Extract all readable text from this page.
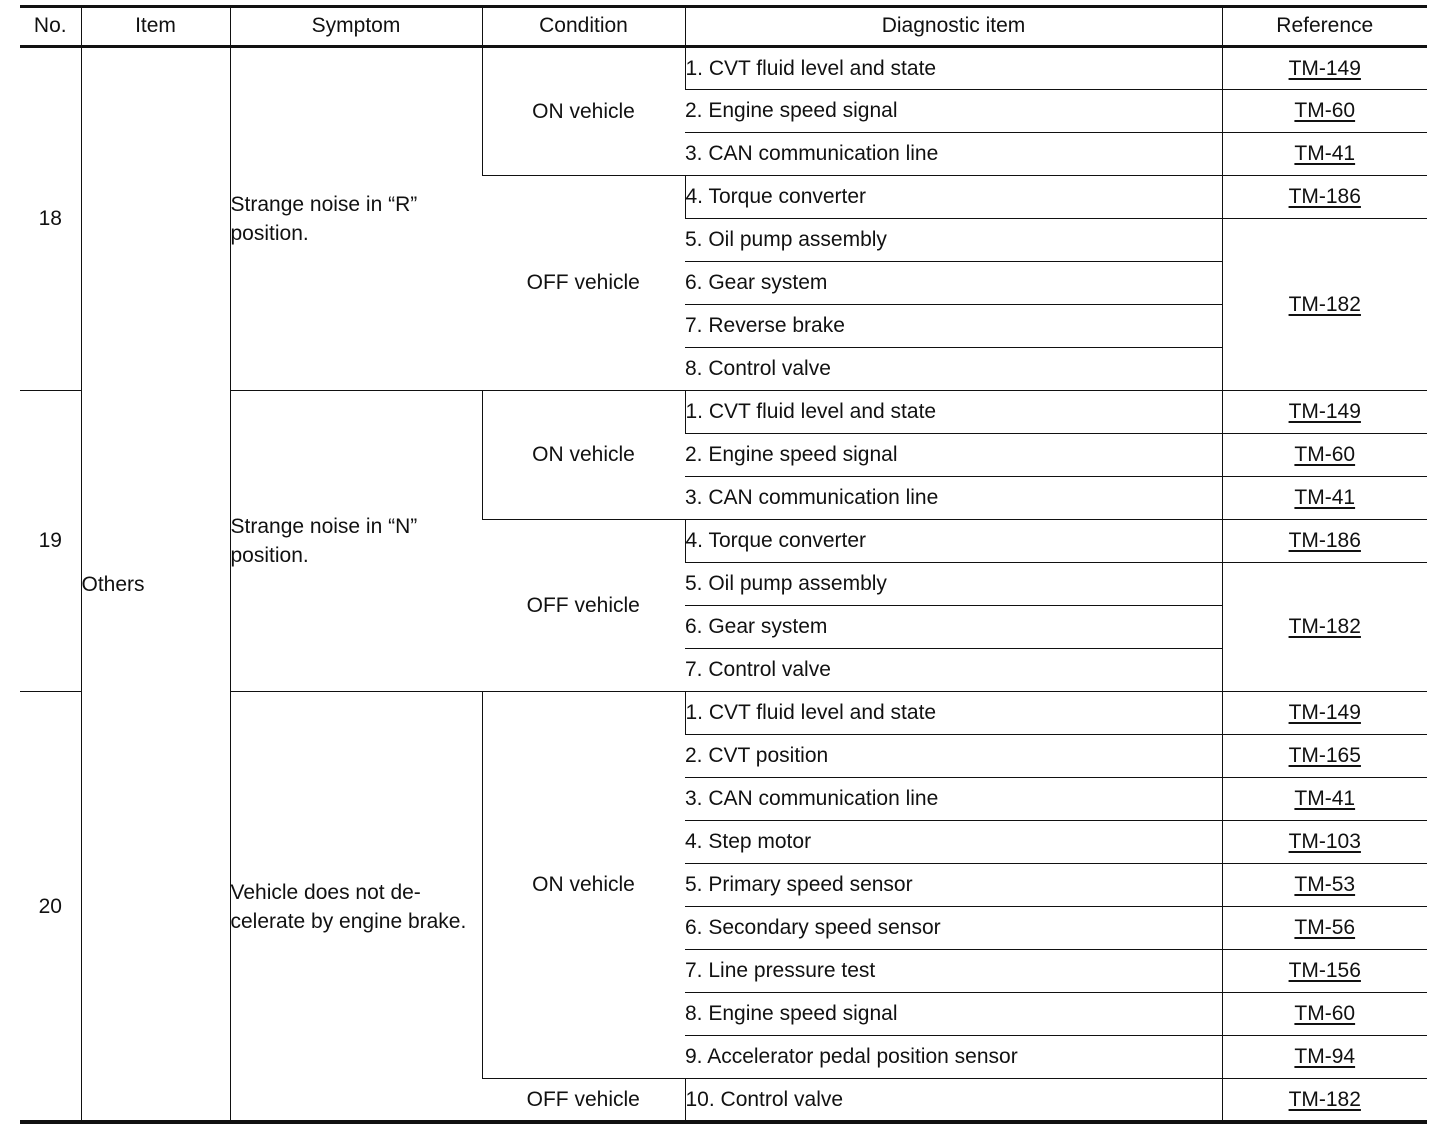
No.	Item	Symptom	Condition	Diagnostic item	Reference
18	Others	Strange noise in “R” position.	ON vehicle	1. CVT fluid level and state	TM-149
				2. Engine speed signal	TM-60
				3. CAN communication line	TM-41
			OFF vehicle	4. Torque converter	TM-186
				5. Oil pump assembly	TM-182
				6. Gear system	
				7. Reverse brake	
				8. Control valve	
19		Strange noise in “N” position.	ON vehicle	1. CVT fluid level and state	TM-149
				2. Engine speed signal	TM-60
				3. CAN communication line	TM-41
			OFF vehicle	4. Torque converter	TM-186
				5. Oil pump assembly	TM-182
				6. Gear system	
				7. Control valve	
20		Vehicle does not de-celerate by engine brake.	ON vehicle	1. CVT fluid level and state	TM-149
				2. CVT position	TM-165
				3. CAN communication line	TM-41
				4. Step motor	TM-103
				5. Primary speed sensor	TM-53
				6. Secondary speed sensor	TM-56
				7. Line pressure test	TM-156
				8. Engine speed signal	TM-60
				9. Accelerator pedal position sensor	TM-94
			OFF vehicle	10. Control valve	TM-182
